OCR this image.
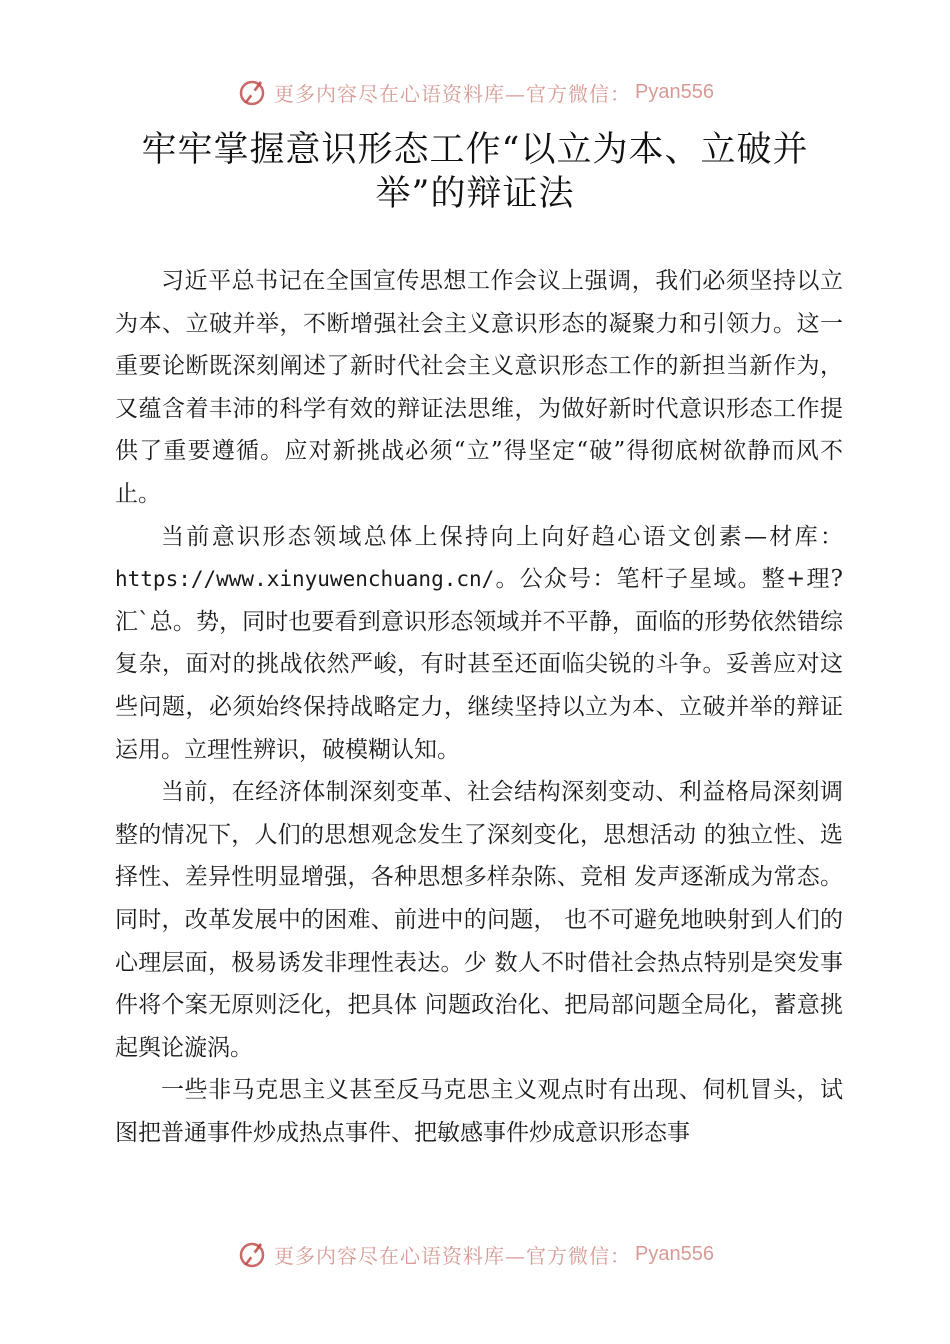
更多内容尽在心语资料库—官方微信： Pyan556
牢牢掌握意识形态工作“以立为本、立破并举”的辩证法

习近平总书记在全国宣传思想工作会议上强调，我们必须坚持以立为本、立破并举，不断增强社会主义意识形态的凝聚力和引领力。这一重要论断既深刻阐述了新时代社会主义意识形态工作的新担当新作为，又蕴含着丰沛的科学有效的辩证法思维，为做好新时代意识形态工作提供了重要遵循。应对新挑战必须“立”得坚定“破”得彻底树欲静而风不止。

当前意识形态领域总体上保持向上向好趋心语文创素—材库：https://www.xinyuwenchuang.cn/。公众号：笔杆子星域。整+理?汇`总。势，同时也要看到意识形态领域并不平静，面临的形势依然错综复杂，面对的挑战依然严峻，有时甚至还面临尖锐的斗争。妥善应对这些问题，必须始终保持战略定力，继续坚持以立为本、立破并举的辩证运用。立理性辨识，破模糊认知。

当前，在经济体制深刻变革、社会结构深刻变动、利益格局深刻调整的情况下，人们的思想观念发生了深刻变化，思想活动 的独立性、选择性、差异性明显增强，各种思想多样杂陈、竞相 发声逐渐成为常态。同时，改革发展中的困难、前进中的问题， 也不可避免地映射到人们的心理层面，极易诱发非理性表达。少 数人不时借社会热点特别是突发事件将个案无原则泛化，把具体 问题政治化、把局部问题全局化，蓄意挑起舆论漩涡。

一些非马克思主义甚至反马克思主义观点时有出现、伺机冒头，试图把普通事件炒成热点事件、把敏感事件炒成意识形态事

更多内容尽在心语资料库—官方微信： Pyan556
